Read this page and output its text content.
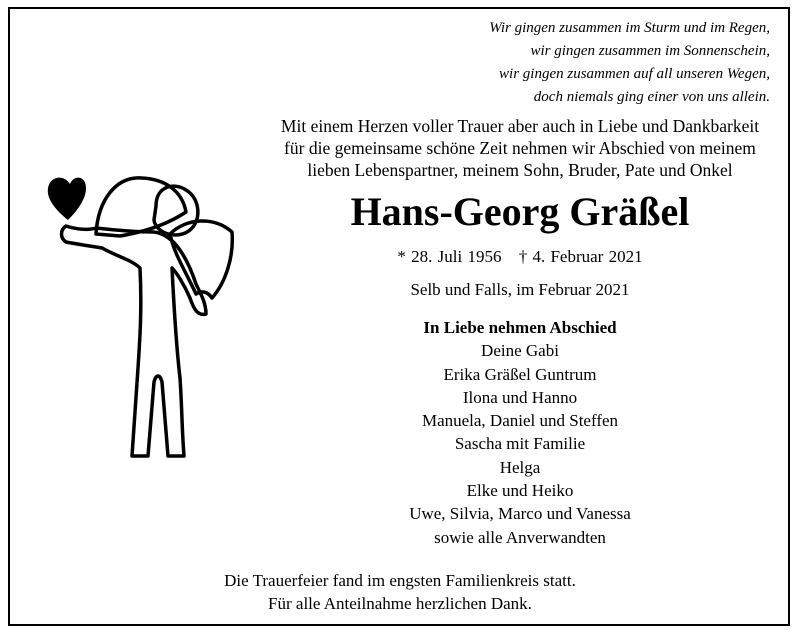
Wir gingen zusammen im Sturm und im Regen,
wir gingen zusammen im Sonnenschein,
wir gingen zusammen auf all unseren Wegen,
doch niemals ging einer von uns allein.
Mit einem Herzen voller Trauer aber auch in Liebe und Dankbarkeit
für die gemeinsame schöne Zeit nehmen wir Abschied von meinem
lieben Lebenspartner, meinem Sohn, Bruder, Pate und Onkel
Hans-Georg Gräßel
* 28. Juli 1956 † 4. Februar 2021
Selb und Falls, im Februar 2021
In Liebe nehmen Abschied
Deine Gabi
Erika Gräßel Guntrum
Ilona und Hanno
Manuela, Daniel und Steffen
Sascha mit Familie
Helga
Elke und Heiko
Uwe, Silvia, Marco und Vanessa
sowie alle Anverwandten
Die Trauerfeier fand im engsten Familienkreis statt.
Für alle Anteilnahme herzlichen Dank.
